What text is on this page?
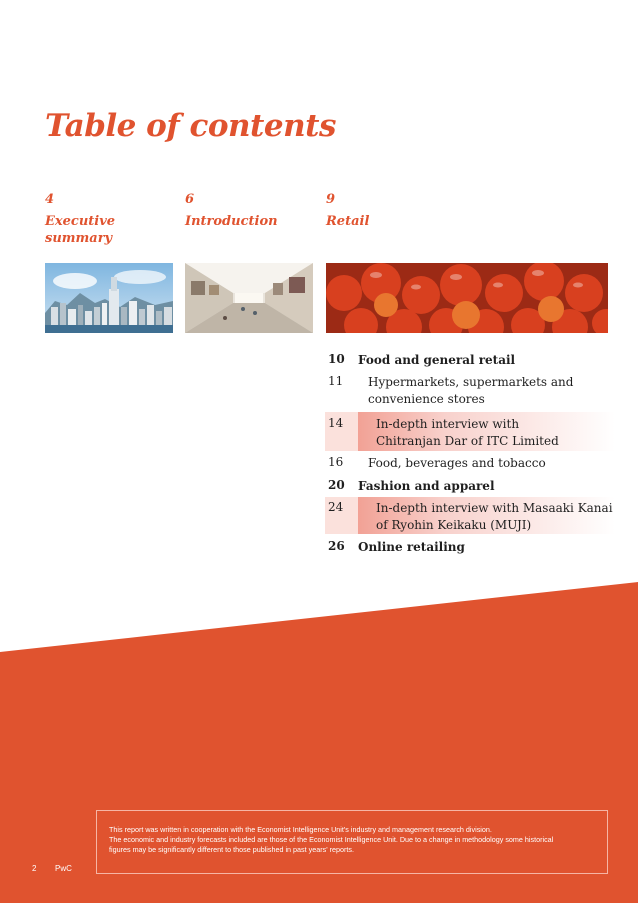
Table of contents
4
Executive
summary
6
Introduction
9
Retail
10	Food and general retail
11	Hypermarkets, supermarkets and
convenience stores
14	In-depth interview with
Chitranjan Dar of ITC Limited
16	Food, beverages and tobacco
20	Fashion and apparel
24	In-depth interview with Masaaki Kanai
of Ryohin Keikaku (MUJI)
26	Online retailing
This report was written in cooperation with the Economist Intelligence Unit's industry and management research division.
The economic and industry forecasts included are those of the Economist Intelligence Unit. Due to a change in methodology some historical
figures may be significantly different to those published in past years' reports.
2 PwC
